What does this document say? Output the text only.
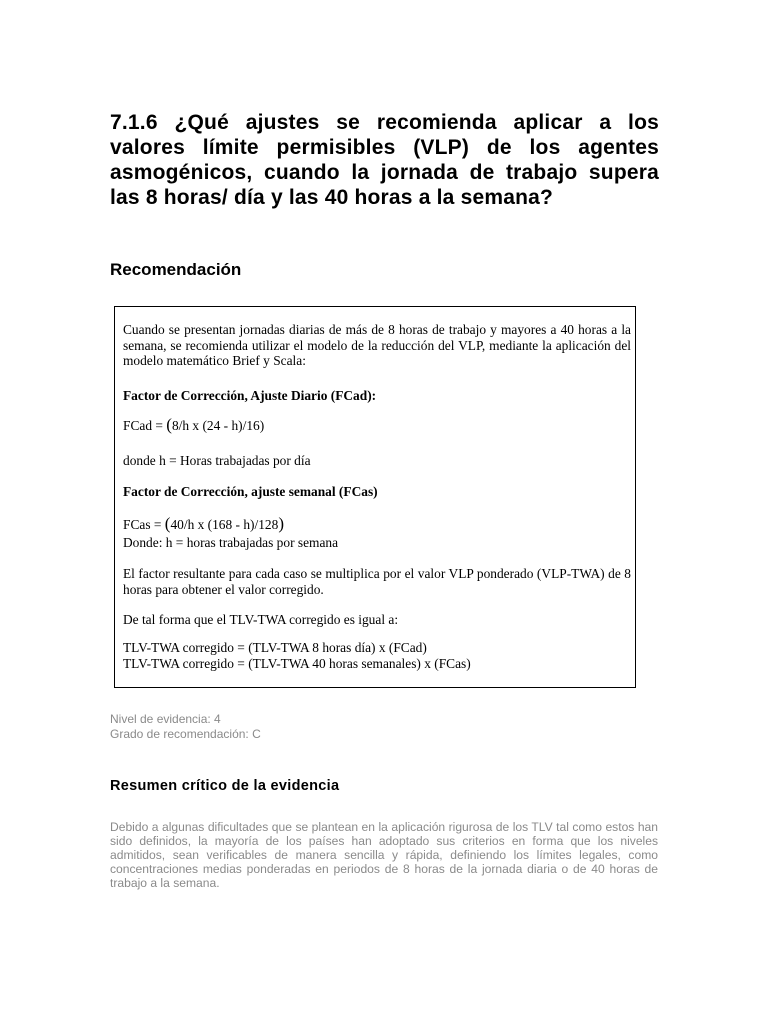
7.1.6 ¿Qué ajustes se recomienda aplicar a los valores límite permisibles (VLP) de los agentes asmogénicos, cuando la jornada de trabajo supera las 8 horas/ día y las 40 horas a la semana?
Recomendación

Cuando se presentan jornadas diarias de más de 8 horas de trabajo y mayores a 40 horas a la semana, se recomienda utilizar el modelo de la reducción del VLP, mediante la aplicación del modelo matemático Brief y Scala:

Factor de Corrección, Ajuste Diario (FCad):

FCad = (8/h x (24 - h)/16)

donde h = Horas trabajadas por día

Factor de Corrección, ajuste semanal (FCas)

FCas = (40/h x (168 - h)/128)

Donde: h = horas trabajadas por semana

El factor resultante para cada caso se multiplica por el valor VLP ponderado (VLP-TWA) de 8 horas para obtener el valor corregido.

De tal forma que el TLV-TWA corregido es igual a:

TLV-TWA corregido = (TLV-TWA 8 horas día) x (FCad)

TLV-TWA corregido = (TLV-TWA 40 horas semanales) x (FCas)

Nivel de evidencia: 4
Grado de recomendación: C
Resumen crítico de la evidencia

Debido a algunas dificultades que se plantean en la aplicación rigurosa de los TLV tal como estos han sido definidos, la mayoría de los países han adoptado sus criterios en forma que los niveles admitidos, sean verificables de manera sencilla y rápida, definiendo los límites legales, como concentraciones medias ponderadas en periodos de 8 horas de la jornada diaria o de 40 horas de trabajo a la semana.
